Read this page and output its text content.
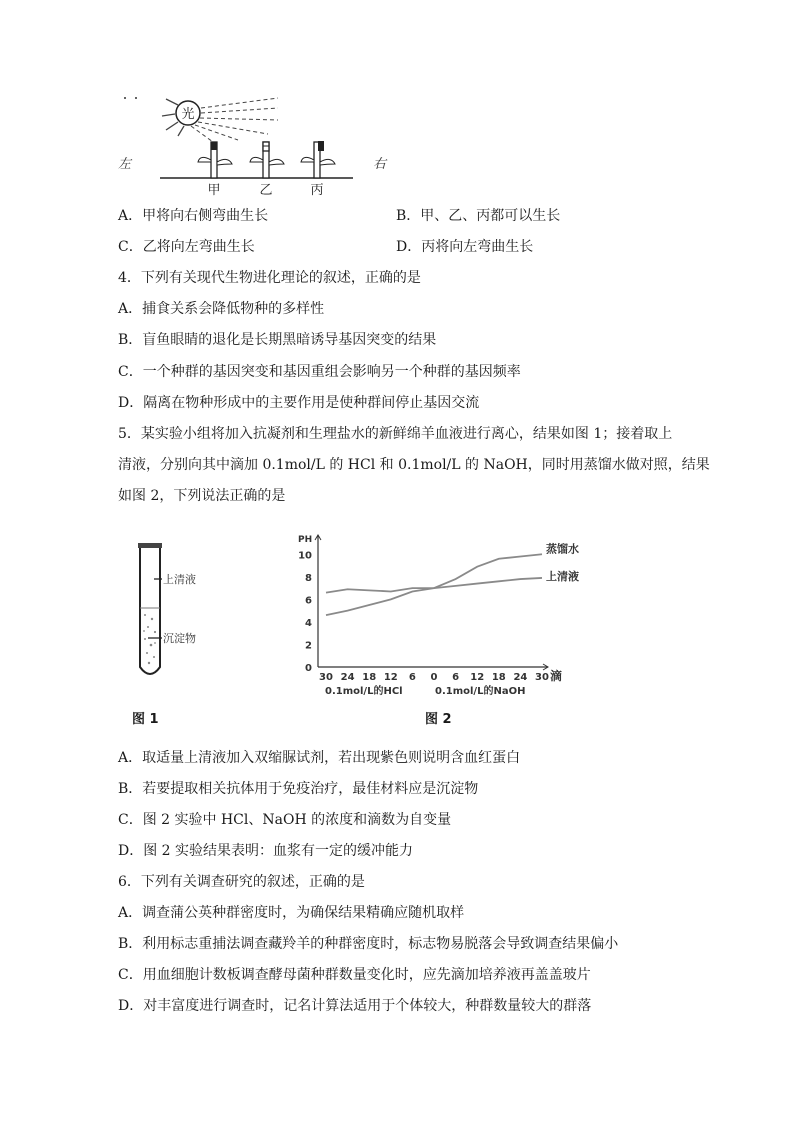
光
左	右
甲	乙	丙
A．甲将向右侧弯曲生长	B．甲、乙、丙都可以生长
C．乙将向左弯曲生长	D．丙将向左弯曲生长
4．下列有关现代生物进化理论的叙述，正确的是
A．捕食关系会降低物种的多样性
B．盲鱼眼睛的退化是长期黑暗诱导基因突变的结果
C．一个种群的基因突变和基因重组会影响另一个种群的基因频率
D．隔离在物种形成中的主要作用是使种群间停止基因交流
5．某实验小组将加入抗凝剂和生理盐水的新鲜绵羊血液进行离心，结果如图 1；接着取上
清液，分别向其中滴加 0.1mol/L 的 HCl 和 0.1mol/L 的 NaOH，同时用蒸馏水做对照，结果
如图 2，下列说法正确的是
上清液
沉淀物
图 1
PH
滴
0
2
4
6
8
10
30 24 18 12 6 0 6 12 18 24 30
蒸馏水
上清液
0.1mol/L的HCl	0.1mol/L的NaOH
图 2
A．取适量上清液加入双缩脲试剂，若出现紫色则说明含血红蛋白
B．若要提取相关抗体用于免疫治疗，最佳材料应是沉淀物
C．图 2 实验中 HCl、NaOH 的浓度和滴数为自变量
D．图 2 实验结果表明：血浆有一定的缓冲能力
6．下列有关调查研究的叙述，正确的是
A．调查蒲公英种群密度时，为确保结果精确应随机取样
B．利用标志重捕法调查藏羚羊的种群密度时，标志物易脱落会导致调查结果偏小
C．用血细胞计数板调查酵母菌种群数量变化时，应先滴加培养液再盖盖玻片
D．对丰富度进行调查时，记名计算法适用于个体较大，种群数量较大的群落
